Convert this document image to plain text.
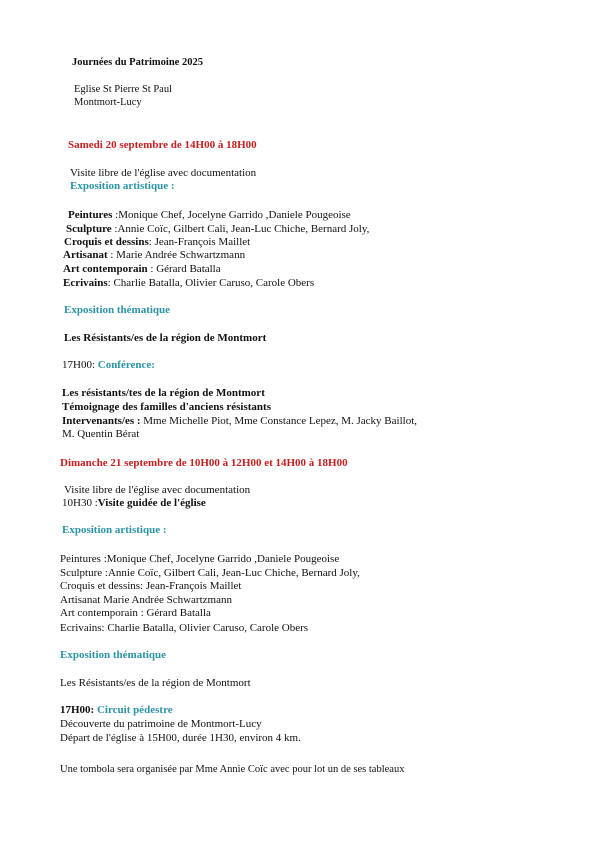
Journées du Patrimoine 2025
Eglise St Pierre St Paul
Montmort-Lucy
Samedi 20 septembre de 14H00 à 18H00
Visite libre de l'église avec documentation
Exposition artistique :
Peintures :Monique Chef, Jocelyne Garrido ,Daniele Pougeoise
Sculpture :Annie Coïc, Gilbert Cali, Jean-Luc Chiche, Bernard Joly,
Croquis et dessins: Jean-François Maillet
Artisanat : Marie Andrée Schwartzmann
Art contemporain : Gérard Batalla
Ecrivains: Charlie Batalla, Olivier Caruso, Carole Obers
Exposition thématique
Les Résistants/es de la région de Montmort
17H00: Conférence:
Les résistants/tes de la région de Montmort
Témoignage des familles d'anciens résistants
Intervenants/es : Mme Michelle Piot, Mme Constance Lepez, M. Jacky Baillot,
M. Quentin Bérat
Dimanche 21 septembre de 10H00 à 12H00 et 14H00 à 18H00
Visite libre de l'église avec documentation
10H30 :Visite guidée de l'église
Exposition artistique :
Peintures :Monique Chef, Jocelyne Garrido ,Daniele Pougeoise
Sculpture :Annie Coïc, Gilbert Cali, Jean-Luc Chiche, Bernard Joly,
Croquis et dessins: Jean-François Maillet
Artisanat Marie Andrée Schwartzmann
Art contemporain : Gérard Batalla
Ecrivains: Charlie Batalla, Olivier Caruso, Carole Obers
Exposition thématique
Les Résistants/es de la région de Montmort
17H00: Circuit pédestre
Découverte du patrimoine de Montmort-Lucy
Départ de l'église à 15H00, durée 1H30, environ 4 km.
Une tombola sera organisée par Mme Annie Coïc avec pour lot un de ses tableaux
